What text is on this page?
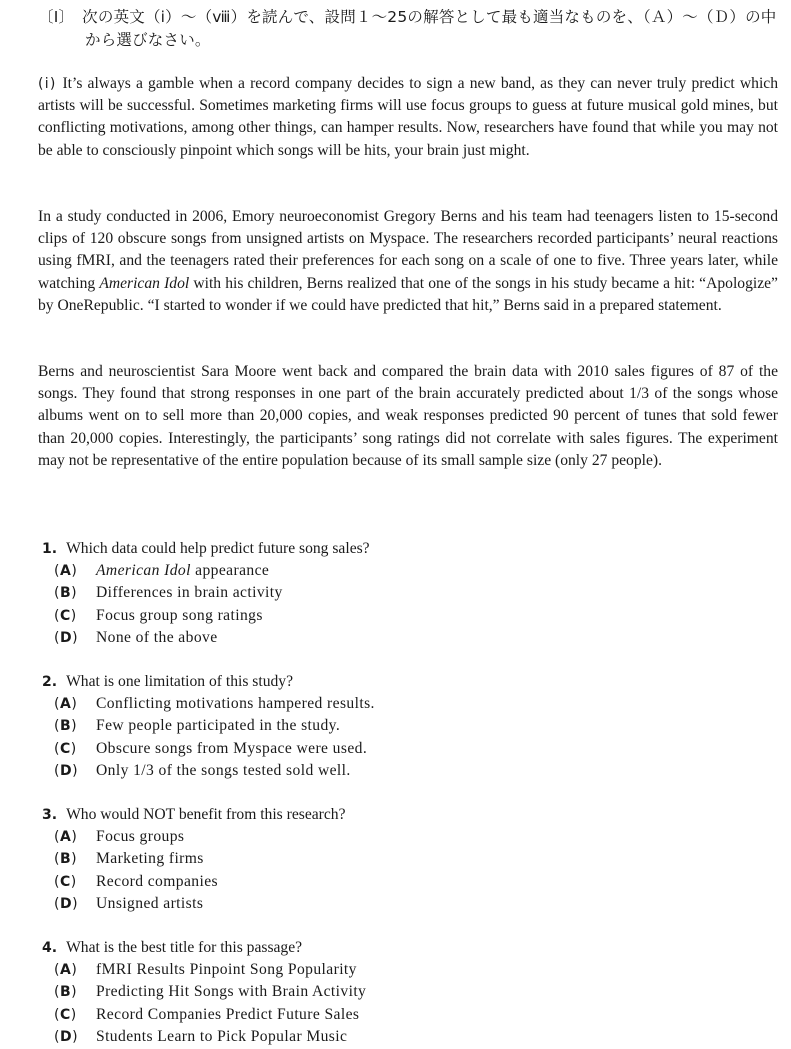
〔Ⅰ〕 次の英文（ⅰ）〜（ⅷ）を読んで、設問１〜25の解答として最も適当なものを、（Ａ）〜（Ｄ）の中
から選びなさい。
(ⅰ) It’s always a gamble when a record company decides to sign a new band, as they can never truly predict which artists will be successful. Sometimes marketing firms will use focus groups to guess at future musical gold mines, but conflicting motivations, among other things, can hamper results. Now, researchers have found that while you may not be able to consciously pinpoint which songs will be hits, your brain just might.
In a study conducted in 2006, Emory neuroeconomist Gregory Berns and his team had teenagers listen to 15-second clips of 120 obscure songs from unsigned artists on Myspace. The researchers recorded participants’ neural reactions using fMRI, and the teenagers rated their preferences for each song on a scale of one to five. Three years later, while watching American Idol with his children, Berns realized that one of the songs in his study became a hit: “Apologize” by OneRepublic. “I started to wonder if we could have predicted that hit,” Berns said in a prepared statement.
Berns and neuroscientist Sara Moore went back and compared the brain data with 2010 sales figures of 87 of the songs. They found that strong responses in one part of the brain accurately predicted about 1/3 of the songs whose albums went on to sell more than 20,000 copies, and weak responses predicted 90 percent of tunes that sold fewer than 20,000 copies. Interestingly, the participants’ song ratings did not correlate with sales figures. The experiment may not be representative of the entire population because of its small sample size (only 27 people).
1. Which data could help predict future song sales?
(A) American Idol appearance
(B) Differences in brain activity
(C) Focus group song ratings
(D) None of the above
2. What is one limitation of this study?
(A) Conflicting motivations hampered results.
(B) Few people participated in the study.
(C) Obscure songs from Myspace were used.
(D) Only 1/3 of the songs tested sold well.
3. Who would NOT benefit from this research?
(A) Focus groups
(B) Marketing firms
(C) Record companies
(D) Unsigned artists
4. What is the best title for this passage?
(A) fMRI Results Pinpoint Song Popularity
(B) Predicting Hit Songs with Brain Activity
(C) Record Companies Predict Future Sales
(D) Students Learn to Pick Popular Music
